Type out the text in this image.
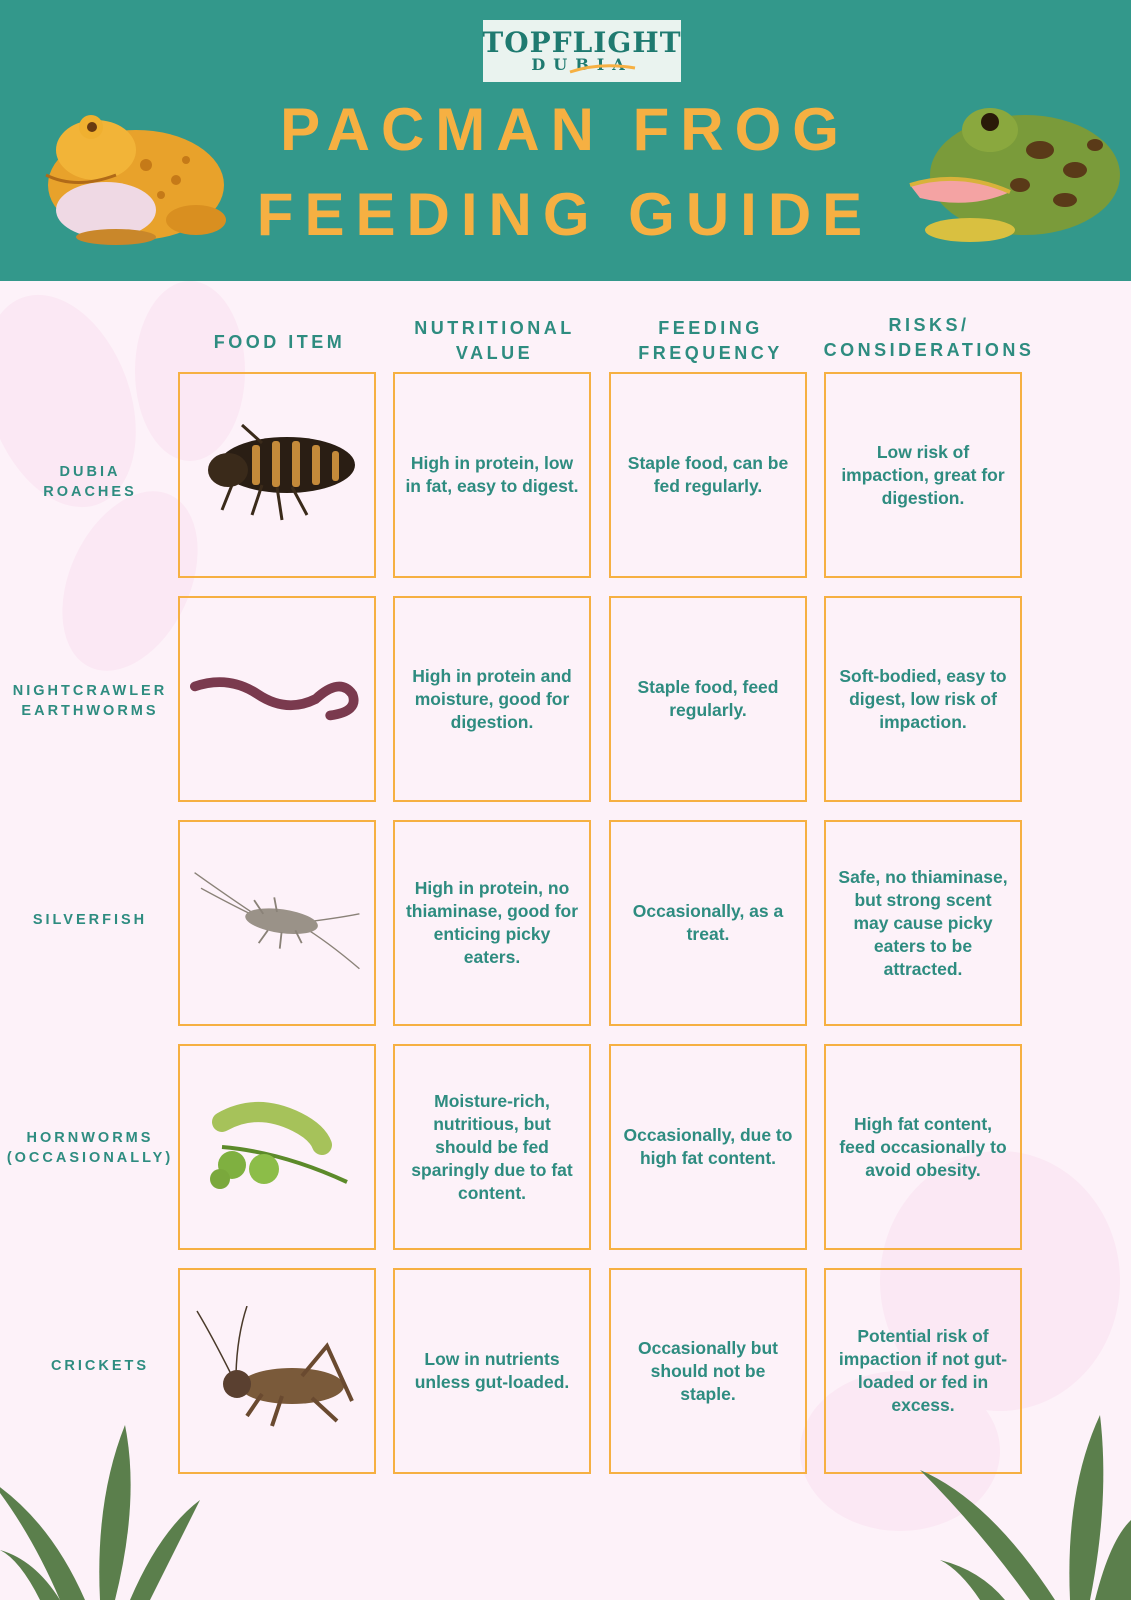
TOPFLIGHT
DUBIA
PACMAN FROG
FEEDING GUIDE
FOOD ITEM
NUTRITIONAL
VALUE
FEEDING
FREQUENCY
RISKS/
CONSIDERATIONS
DUBIA
ROACHES
High in protein, low in fat, easy to digest.
Staple food, can be fed regularly.
Low risk of impaction, great for digestion.
NIGHTCRAWLER
EARTHWORMS
High in protein and moisture, good for digestion.
Staple food, feed regularly.
Soft-bodied, easy to digest, low risk of impaction.
SILVERFISH
High in protein, no thiaminase, good for enticing picky eaters.
Occasionally, as a treat.
Safe, no thiaminase, but strong scent may cause picky eaters to be attracted.
HORNWORMS
(OCCASIONALLY)
Moisture-rich, nutritious, but should be fed sparingly due to fat content.
Occasionally, due to high fat content.
High fat content, feed occasionally to avoid obesity.
CRICKETS	Low in nutrients unless gut-loaded.
Occasionally but should not be staple.
Potential risk of impaction if not gut-loaded or fed in excess.
